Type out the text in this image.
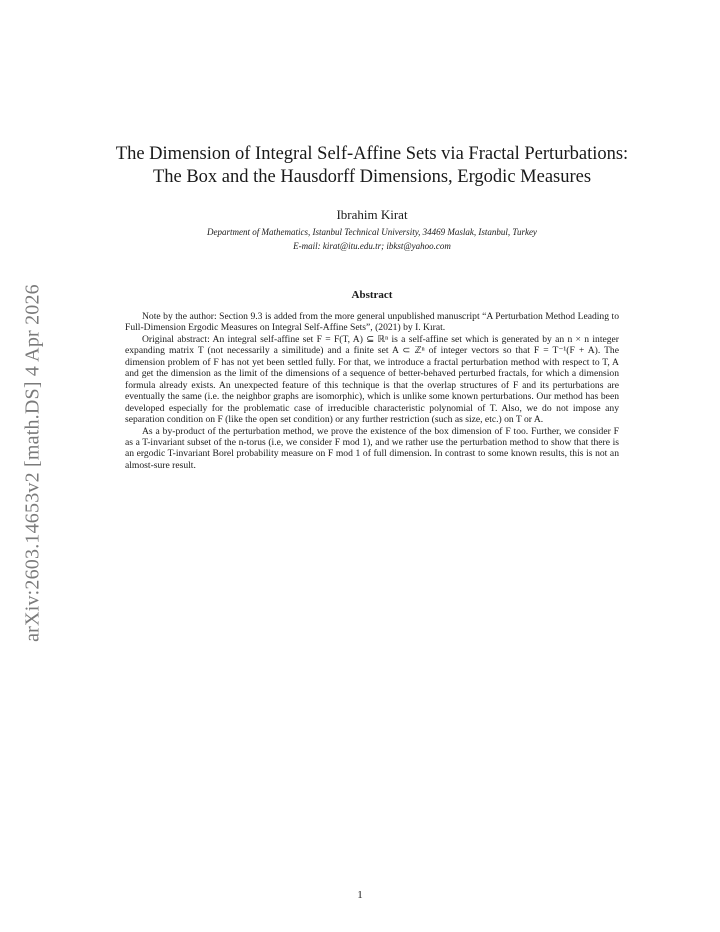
arXiv:2603.14653v2 [math.DS] 4 Apr 2026
The Dimension of Integral Self-Affine Sets via Fractal Perturbations:
The Box and the Hausdorff Dimensions, Ergodic Measures
Ibrahim Kirat
Department of Mathematics, Istanbul Technical University, 34469 Maslak, Istanbul, Turkey
E-mail: kirat@itu.edu.tr; ibkst@yahoo.com
Abstract

Note by the author: Section 9.3 is added from the more general unpublished manuscript “A Perturbation Method Leading to Full-Dimension Ergodic Measures on Integral Self-Affine Sets”, (2021) by I. Kırat.

Original abstract: An integral self-affine set F = F(T, A) ⊆ ℝⁿ is a self-affine set which is generated by an n × n integer expanding matrix T (not necessarily a similitude) and a finite set A ⊂ ℤⁿ of integer vectors so that F = T⁻¹(F + A). The dimension problem of F has not yet been settled fully. For that, we introduce a fractal perturbation method with respect to T, A and get the dimension as the limit of the dimensions of a sequence of better-behaved perturbed fractals, for which a dimension formula already exists. An unexpected feature of this technique is that the overlap structures of F and its perturbations are eventually the same (i.e. the neighbor graphs are isomorphic), which is unlike some known perturbations. Our method has been developed especially for the problematic case of irreducible characteristic polynomial of T. Also, we do not impose any separation condition on F (like the open set condition) or any further restriction (such as size, etc.) on T or A.

As a by-product of the perturbation method, we prove the existence of the box dimension of F too. Further, we consider F as a T-invariant subset of the n-torus (i.e, we consider F mod 1), and we rather use the perturbation method to show that there is an ergodic T-invariant Borel probability measure on F mod 1 of full dimension. In contrast to some known results, this is not an almost-sure result.

1
